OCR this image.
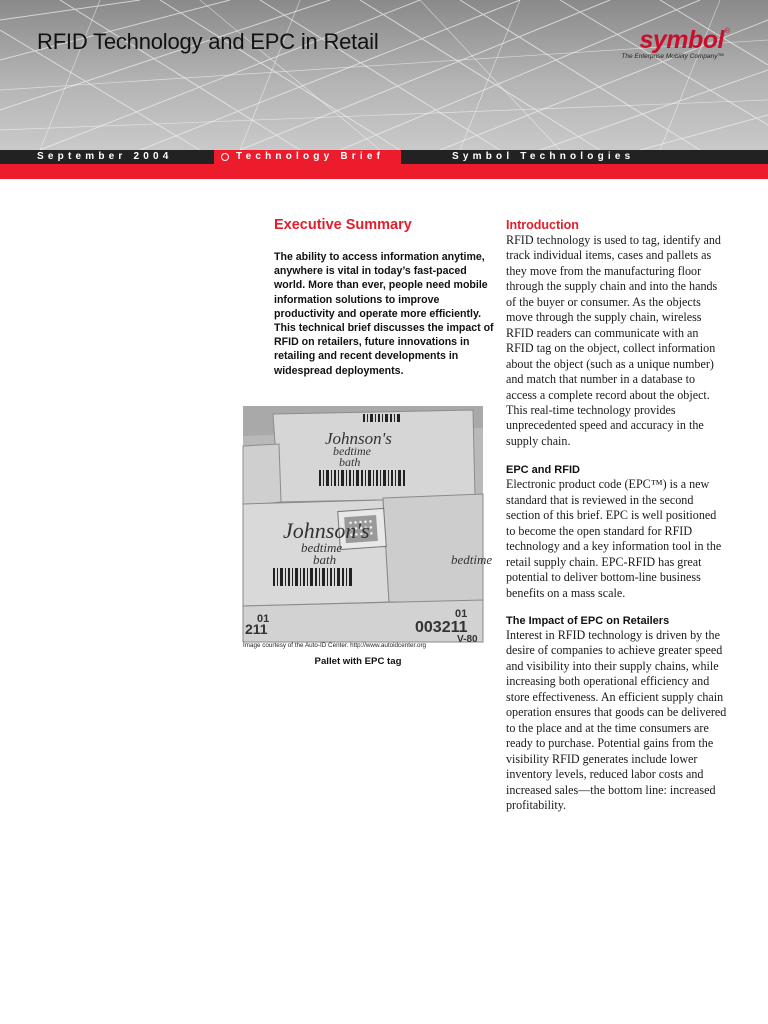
RFID Technology and EPC in Retail	symbol ®
The Enterprise Mobility Company™
September 2004	Symbol Technologies
Technology Brief
Executive Summary

The ability to access information anytime, anywhere is vital in today’s fast-paced world. More than ever, people need mobile information solutions to improve productivity and operate more efficiently. This technical brief discusses the impact of RFID on retailers, future innovations in retailing and recent developments in widespread deployments.

Johnson's
bedtime
bath
Johnson's
bedtime
bath	bedtime
003211
V-80
01
211
01
Image courtesy of the Auto-ID Center. http://www.autoidcenter.org
Pallet with EPC tag
Introduction

RFID technology is used to tag, identify and track individual items, cases and pallets as they move from the manufacturing floor through the supply chain and into the hands of the buyer or consumer. As the objects move through the supply chain, wireless RFID readers can communicate with an RFID tag on the object, collect information about the object (such as a unique number) and match that number in a database to access a complete record about the object. This real-time technology provides unprecedented speed and accuracy in the supply chain.

EPC and RFID

Electronic product code (EPC™) is a new standard that is reviewed in the second section of this brief. EPC is well positioned to become the open standard for RFID technology and a key information tool in the retail supply chain. EPC-RFID has great potential to deliver bottom-line business benefits on a mass scale.

The Impact of EPC on Retailers

Interest in RFID technology is driven by the desire of companies to achieve greater speed and visibility into their supply chains, while increasing both operational efficiency and store effectiveness. An efficient supply chain operation ensures that goods can be delivered to the place and at the time consumers are ready to purchase. Potential gains from the visibility RFID generates include lower inventory levels, reduced labor costs and increased sales—the bottom line: increased profitability.
